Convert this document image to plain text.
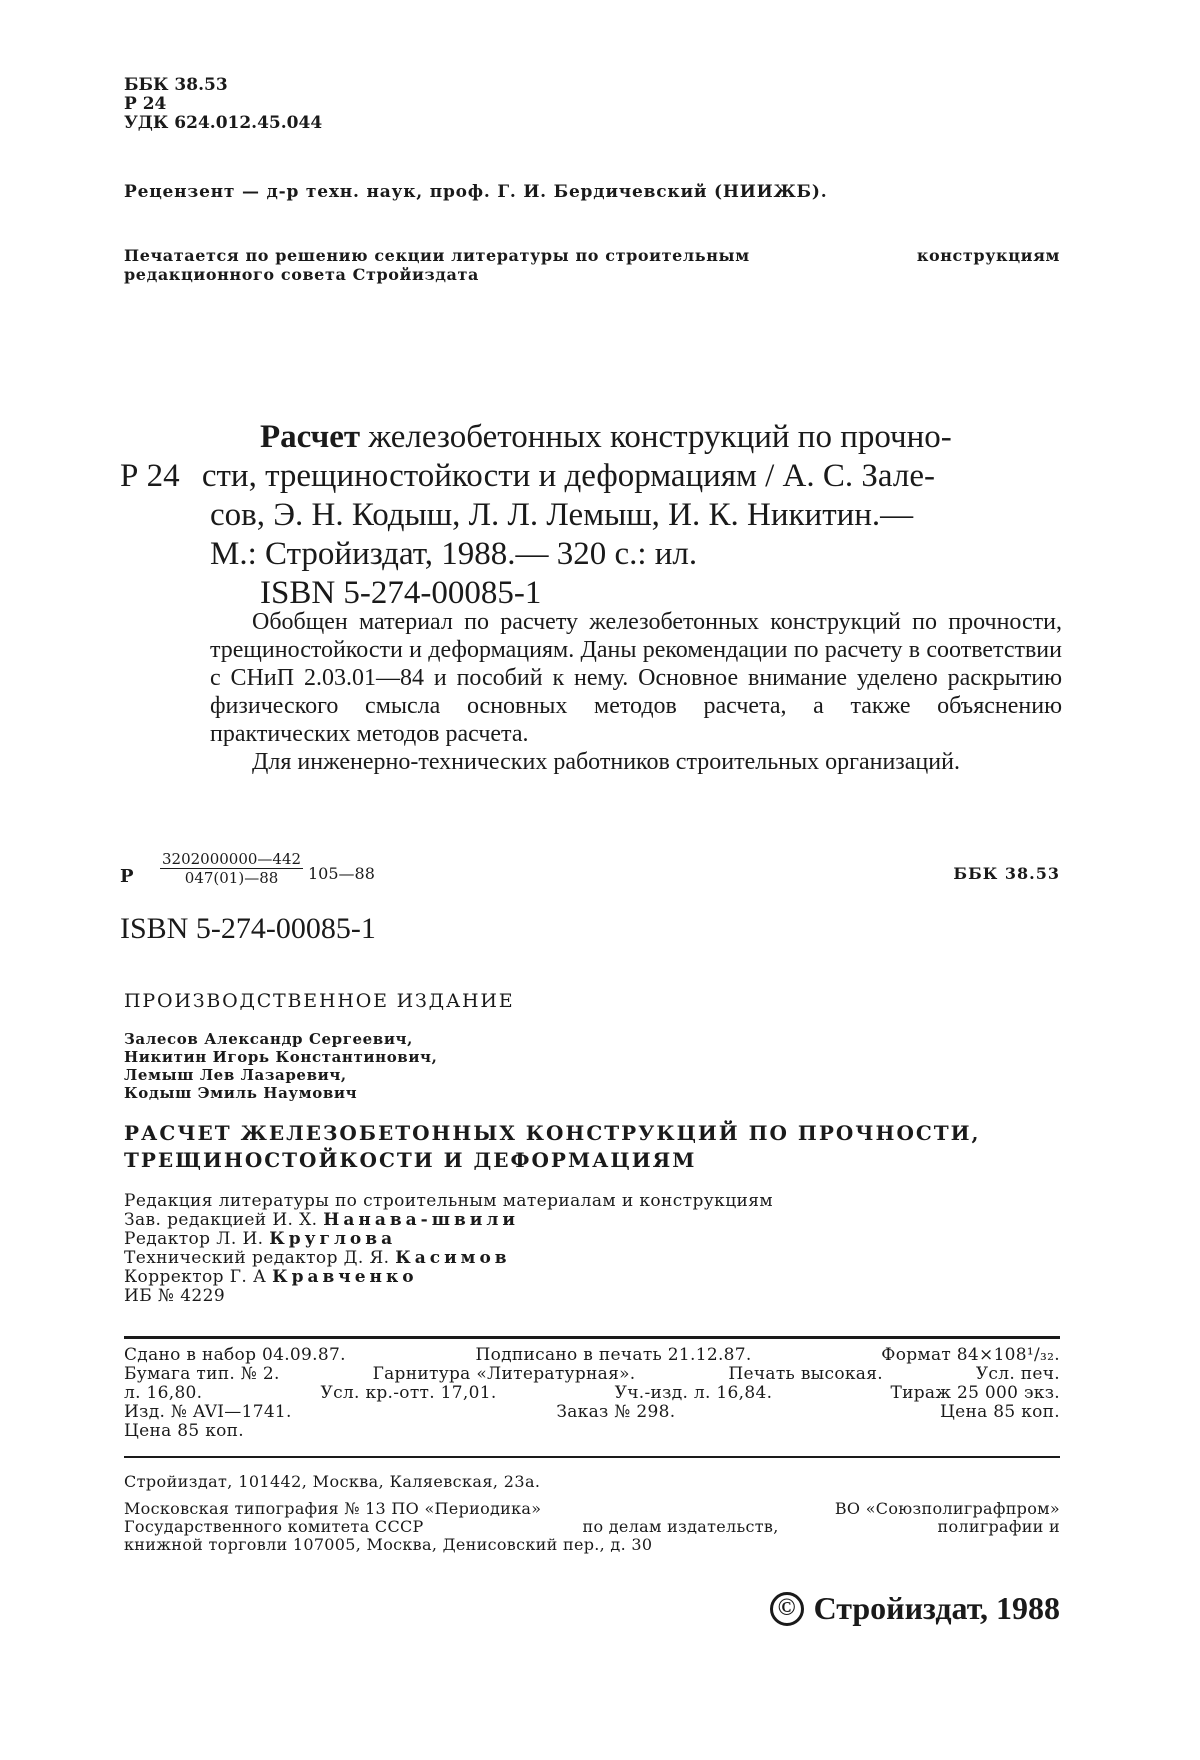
ББК 38.53
Р 24
УДК 624.012.45.044
Рецензент — д-р техн. наук, проф. Г. И. Бердичевский (НИИЖБ).
Печатается по решению секции литературы по строительным	конструкциям
редакционного совета Стройиздата
Расчет железобетонных конструкций по прочно-
Р 24 сти, трещиностойкости и деформациям / А. С. Зале-
сов, Э. Н. Кодыш, Л. Л. Лемыш, И. К. Никитин.—
М.: Стройиздат, 1988.— 320 с.: ил.
ISBN 5-274-00085-1

Обобщен материал по расчету железобетонных конструкций по прочности, трещиностойкости и деформациям. Даны рекомендации по расчету в соответствии с СНиП 2.03.01—84 и пособий к нему. Основное внимание уделено раскрытию физического смысла основных методов расчета, а также объяснению практических методов расчета.

Для инженерно-технических работников строительных организаций.

Р $\frac{3202000000—442}{047(01)—88}$ 105—88	ББК 38.53
ISBN 5-274-00085-1
ПРОИЗВОДСТВЕННОЕ ИЗДАНИЕ
Залесов Александр Сергеевич,
Никитин Игорь Константинович,
Лемыш Лев Лазаревич,
Кодыш Эмиль Наумович
РАСЧЕТ ЖЕЛЕЗОБЕТОННЫХ КОНСТРУКЦИЙ ПО ПРОЧНОСТИ,
ТРЕЩИНОСТОЙКОСТИ И ДЕФОРМАЦИЯМ
Редакция литературы по строительным материалам и конструкциям
Зав. редакцией И. Х. Нанава-швили
Редактор Л. И. Круглова
Технический редактор Д. Я. Касимов
Корректор Г. А Кравченко
ИБ № 4229
Сдано в набор 04.09.87.	Подписано в печать 21.12.87.	Формат 84×108¹/₃₂.
Бумага тип. № 2.	Гарнитура «Литературная».	Печать высокая.	Усл. печ.
л. 16,80.	Усл. кр.-отт. 17,01.	Уч.-изд. л. 16,84.	Тираж 25 000 экз.
Изд. № AVI—1741.	Заказ № 298.	Цена 85 коп.
Цена 85 коп.
Стройиздат, 101442, Москва, Каляевская, 23а.
Московская типография № 13 ПО «Периодика»	ВО «Союзполиграфпром»
Государственного комитета СССР	по делам издательств,	полиграфии и
книжной торговли 107005, Москва, Денисовский пер., д. 30
© Стройиздат, 1988
